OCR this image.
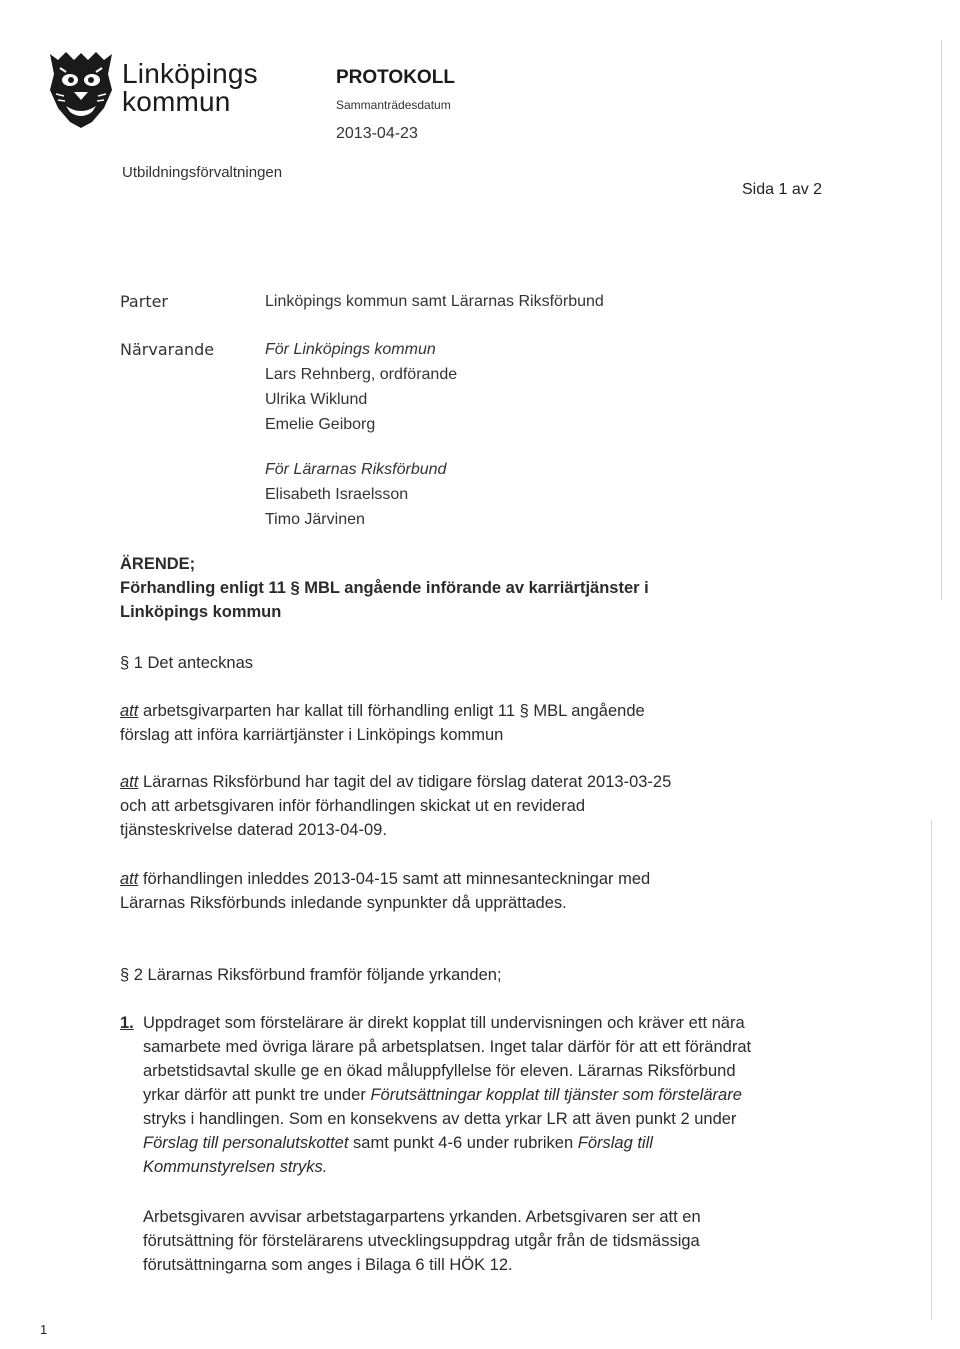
Linköpings
kommun
PROTOKOLL
Sammanträdesdatum
2013-04-23
Utbildningsförvaltningen
Sida 1 av 2
Parter	Linköpings kommun samt Lärarnas Riksförbund
Närvarande	För Linköpings kommun
Lars Rehnberg, ordförande
Ulrika Wiklund
Emelie Geiborg
För Lärarnas Riksförbund
Elisabeth Israelsson
Timo Järvinen
ÄRENDE;
Förhandling enligt 11 § MBL angående införande av karriärtjänster i
Linköpings kommun
§ 1 Det antecknas
att arbetsgivarparten har kallat till förhandling enligt 11 § MBL angående
förslag att införa karriärtjänster i Linköpings kommun
att Lärarnas Riksförbund har tagit del av tidigare förslag daterat 2013-03-25
och att arbetsgivaren inför förhandlingen skickat ut en reviderad
tjänsteskrivelse daterad 2013-04-09.
att förhandlingen inleddes 2013-04-15 samt att minnesanteckningar med
Lärarnas Riksförbunds inledande synpunkter då upprättades.
§ 2 Lärarnas Riksförbund framför följande yrkanden;
1. Uppdraget som förstelärare är direkt kopplat till undervisningen och kräver ett nära
samarbete med övriga lärare på arbetsplatsen. Inget talar därför för att ett förändrat
arbetstidsavtal skulle ge en ökad måluppfyllelse för eleven. Lärarnas Riksförbund
yrkar därför att punkt tre under Förutsättningar kopplat till tjänster som förstelärare
stryks i handlingen. Som en konsekvens av detta yrkar LR att även punkt 2 under
Förslag till personalutskottet samt punkt 4-6 under rubriken Förslag till
Kommunstyrelsen stryks.
Arbetsgivaren avvisar arbetstagarpartens yrkanden. Arbetsgivaren ser att en
förutsättning för förstelärarens utvecklingsuppdrag utgår från de tidsmässiga
förutsättningarna som anges i Bilaga 6 till HÖK 12.
1
